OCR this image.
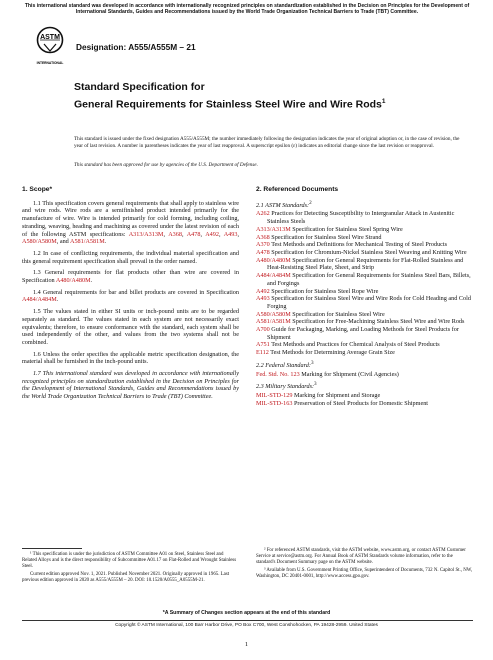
This international standard was developed in accordance with internationally recognized principles on standardization established in the Decision on Principles for the Development of International Standards, Guides and Recommendations issued by the World Trade Organization Technical Barriers to Trade (TBT) Committee.
ASTM
INTERNATIONAL
Designation: A555/A555M – 21
Standard Specification for
General Requirements for Stainless Steel Wire and Wire Rods$^1$
This standard is issued under the fixed designation A555/A555M; the number immediately following the designation indicates the year of original adoption or, in the case of revision, the year of last revision. A number in parentheses indicates the year of last reapproval. A superscript epsilon (ε) indicates an editorial change since the last revision or reapproval.
This standard has been approved for use by agencies of the U.S. Department of Defense.
1. Scope*

1.1 This specification covers general requirements that shall apply to stainless wire and wire rods. Wire rods are a semifinished product intended primarily for the manufacture of wire. Wire is intended primarily for cold forming, including coiling, stranding, weaving, heading and machining as covered under the latest revision of each of the following ASTM specifications: A313/A313M, A368, A478, A492, A493, A580/A580M, and A581/A581M.

1.2 In case of conflicting requirements, the individual material specification and this general requirement specification shall prevail in the order named.

1.3 General requirements for flat products other than wire are covered in Specification A480/A480M.

1.4 General requirements for bar and billet products are covered in Specification A484/A484M.

1.5 The values stated in either SI units or inch-pound units are to be regarded separately as standard. The values stated in each system are not necessarily exact equivalents; therefore, to ensure conformance with the standard, each system shall be used independently of the other, and values from the two systems shall not be combined.

1.6 Unless the order specifies the applicable metric specification designation, the material shall be furnished in the inch-pound units.

1.7 This international standard was developed in accordance with internationally recognized principles on standardization established in the Decision on Principles for the Development of International Standards, Guides and Recommendations issued by the World Trade Organization Technical Barriers to Trade (TBT) Committee.

2. Referenced Documents
2.1 ASTM Standards:$^2$
A262 Practices for Detecting Susceptibility to Intergranular Attack in Austenitic Stainless Steels
A313/A313M Specification for Stainless Steel Spring Wire
A368 Specification for Stainless Steel Wire Strand
A370 Test Methods and Definitions for Mechanical Testing of Steel Products
A478 Specification for Chromium-Nickel Stainless Steel Weaving and Knitting Wire
A480/A480M Specification for General Requirements for Flat-Rolled Stainless and Heat-Resisting Steel Plate, Sheet, and Strip
A484/A484M Specification for General Requirements for Stainless Steel Bars, Billets, and Forgings
A492 Specification for Stainless Steel Rope Wire
A493 Specification for Stainless Steel Wire and Wire Rods for Cold Heading and Cold Forging
A580/A580M Specification for Stainless Steel Wire
A581/A581M Specification for Free-Machining Stainless Steel Wire and Wire Rods
A700 Guide for Packaging, Marking, and Loading Methods for Steel Products for Shipment
A751 Test Methods and Practices for Chemical Analysis of Steel Products
E112 Test Methods for Determining Average Grain Size
2.2 Federal Standard:$^3$
Fed. Std. No. 123 Marking for Shipment (Civil Agencies)
2.3 Military Standards:$^3$
MIL-STD-129 Marking for Shipment and Storage
MIL-STD-163 Preservation of Steel Products for Domestic Shipment
¹ This specification is under the jurisdiction of ASTM Committee A01 on Steel, Stainless Steel and Related Alloys and is the direct responsibility of Subcommittee A01.17 on Flat-Rolled and Wrought Stainless Steel.
Current edition approved Nov. 1, 2021. Published November 2021. Originally approved in 1965. Last previous edition approved in 2020 as A555/A555M – 20. DOI: 10.1520/A0555_A0555M-21.
² For referenced ASTM standards, visit the ASTM website, www.astm.org, or contact ASTM Customer Service at service@astm.org. For Annual Book of ASTM Standards volume information, refer to the standard's Document Summary page on the ASTM website.
³ Available from U.S. Government Printing Office, Superintendent of Documents, 732 N. Capitol St., NW, Washington, DC 20401-0001, http://www.access.gpo.gov.
*A Summary of Changes section appears at the end of this standard
Copyright © ASTM International, 100 Barr Harbor Drive, PO Box C700, West Conshohocken, PA 19428-2959. United States
1
